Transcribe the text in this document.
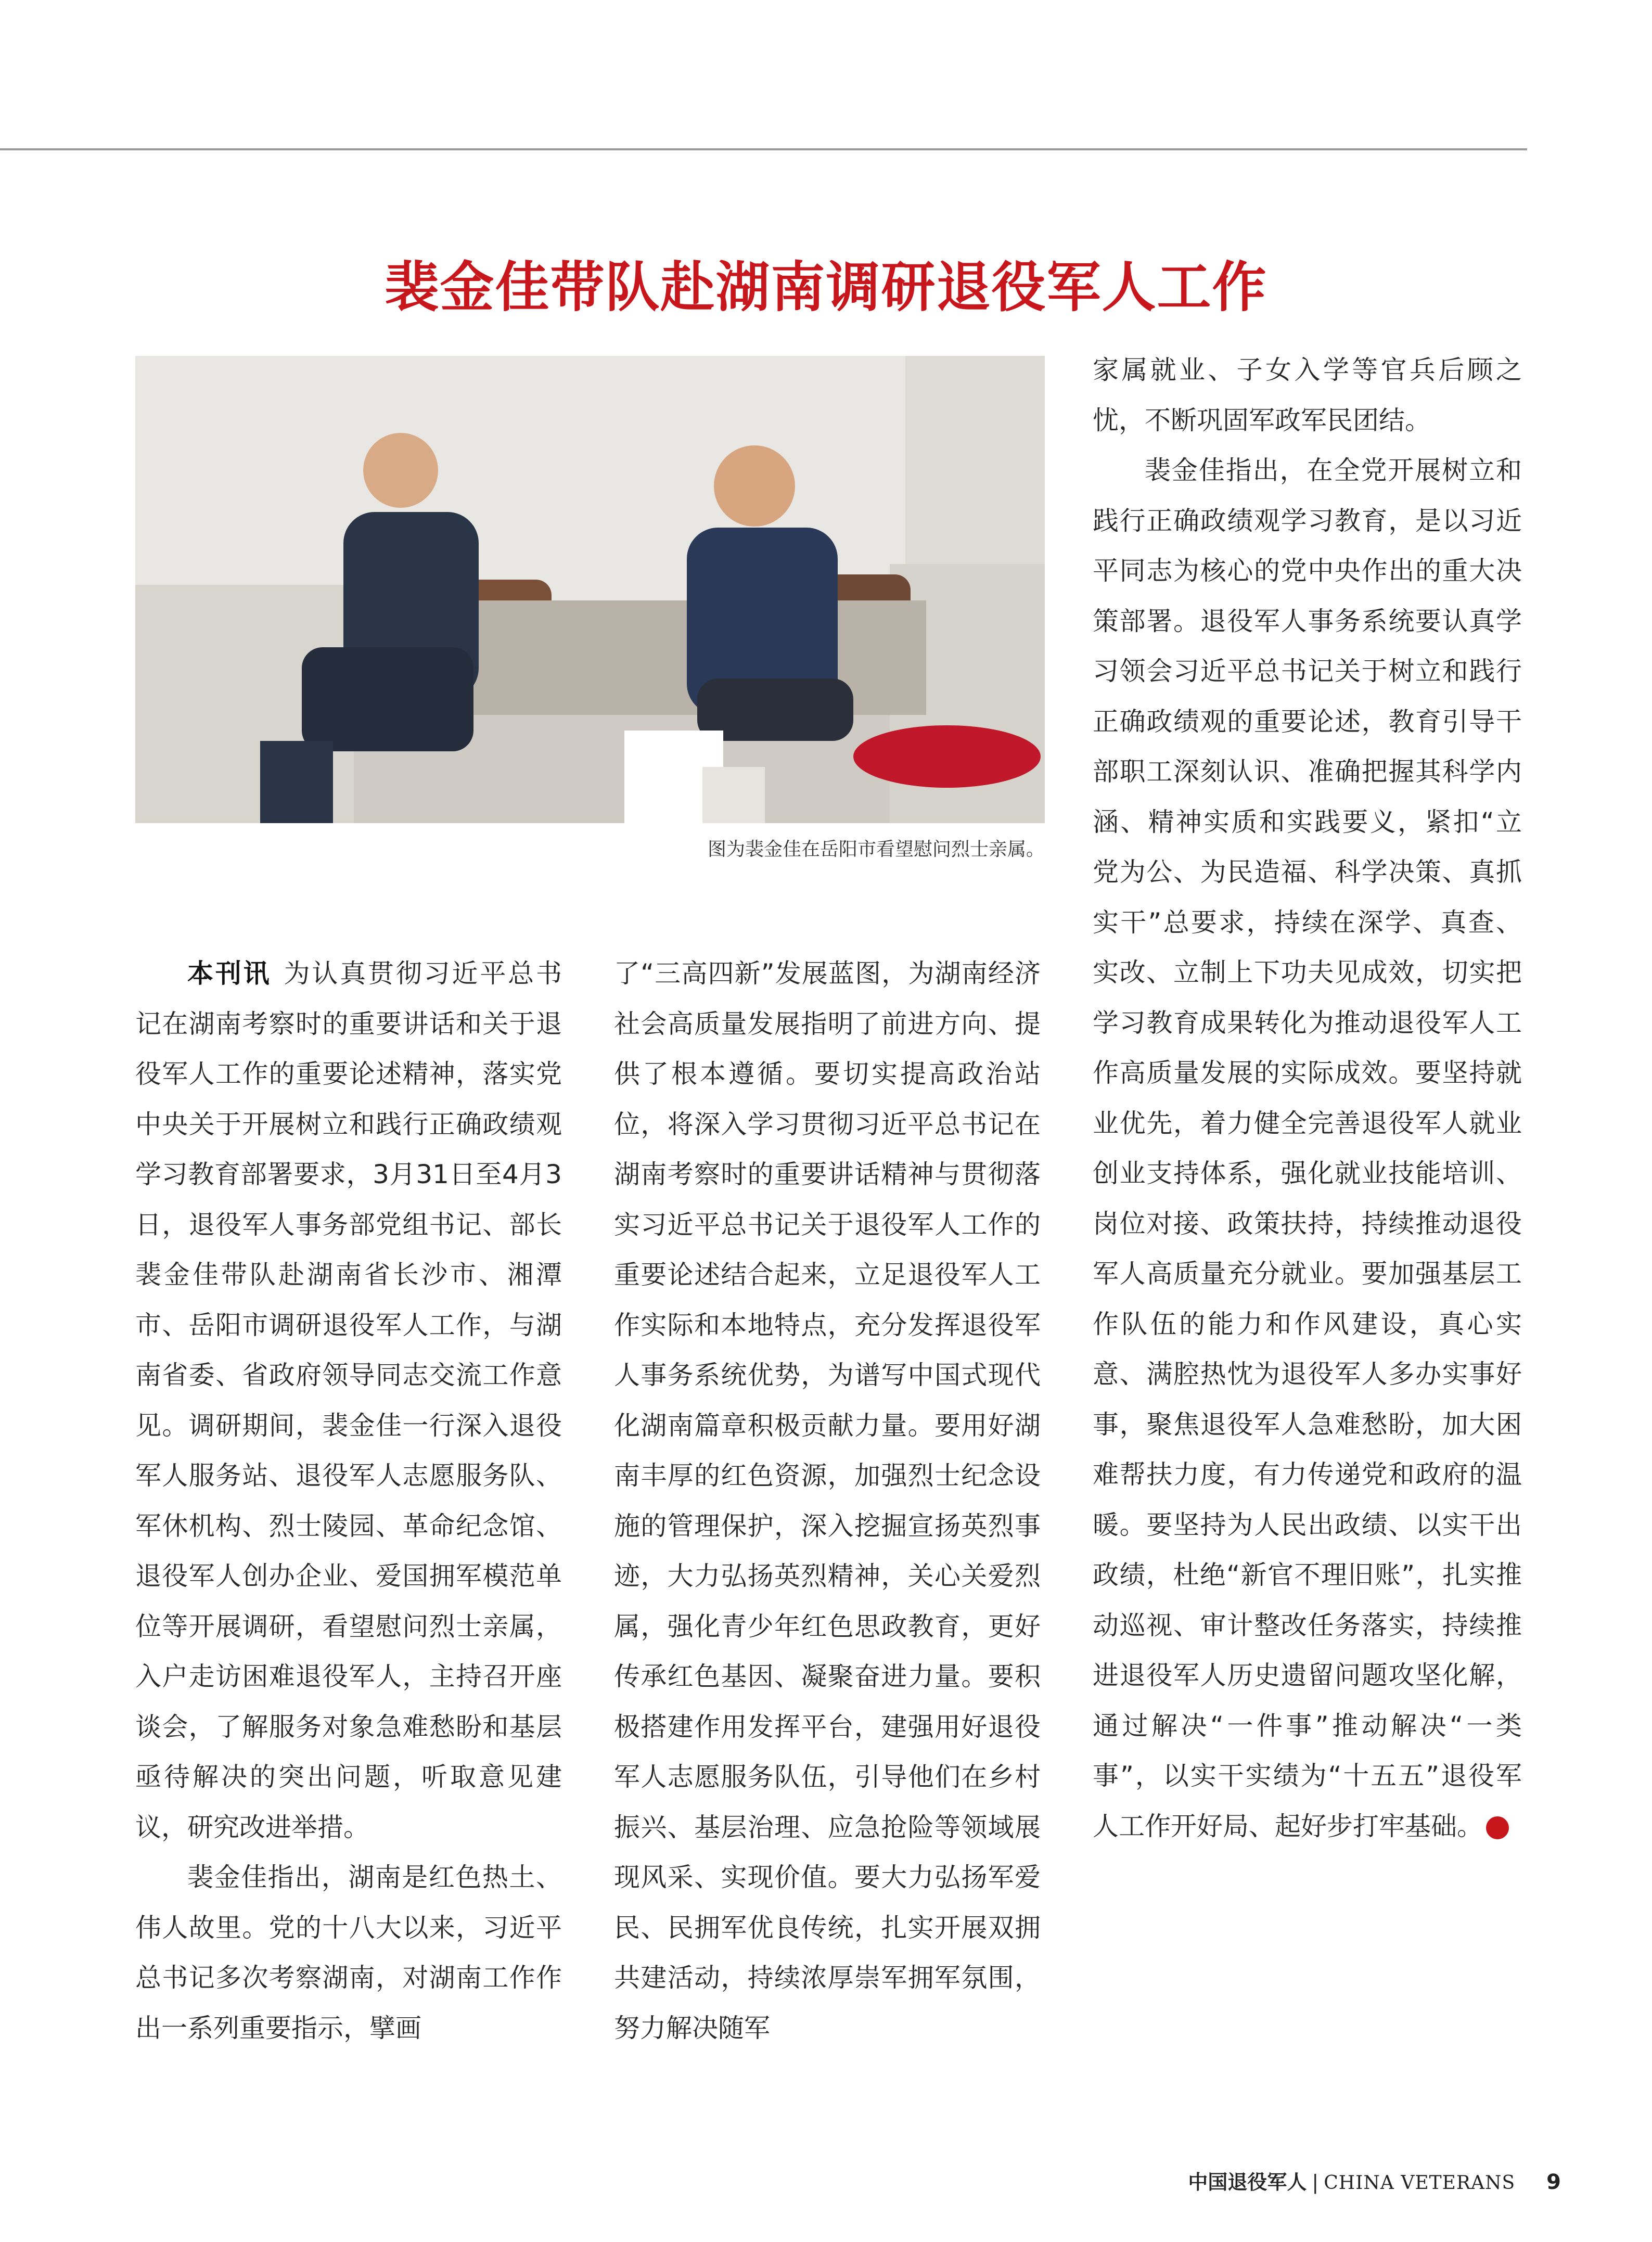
裴金佳带队赴湖南调研退役军人工作
图为裴金佳在岳阳市看望慰问烈士亲属。

本刊讯 为认真贯彻习近平总书记在湖南考察时的重要讲话和关于退役军人工作的重要论述精神，落实党中央关于开展树立和践行正确政绩观学习教育部署要求，3月31日至4月3日，退役军人事务部党组书记、部长裴金佳带队赴湖南省长沙市、湘潭市、岳阳市调研退役军人工作，与湖南省委、省政府领导同志交流工作意见。调研期间，裴金佳一行深入退役军人服务站、退役军人志愿服务队、军休机构、烈士陵园、革命纪念馆、退役军人创办企业、爱国拥军模范单位等开展调研，看望慰问烈士亲属，入户走访困难退役军人，主持召开座谈会，了解服务对象急难愁盼和基层亟待解决的突出问题，听取意见建议，研究改进举措。

裴金佳指出，湖南是红色热土、伟人故里。党的十八大以来，习近平总书记多次考察湖南，对湖南工作作出一系列重要指示，擘画

了“三高四新”发展蓝图，为湖南经济社会高质量发展指明了前进方向、提供了根本遵循。要切实提高政治站位，将深入学习贯彻习近平总书记在湖南考察时的重要讲话精神与贯彻落实习近平总书记关于退役军人工作的重要论述结合起来，立足退役军人工作实际和本地特点，充分发挥退役军人事务系统优势，为谱写中国式现代化湖南篇章积极贡献力量。要用好湖南丰厚的红色资源，加强烈士纪念设施的管理保护，深入挖掘宣扬英烈事迹，大力弘扬英烈精神，关心关爱烈属，强化青少年红色思政教育，更好传承红色基因、凝聚奋进力量。要积极搭建作用发挥平台，建强用好退役军人志愿服务队伍，引导他们在乡村振兴、基层治理、应急抢险等领域展现风采、实现价值。要大力弘扬军爱民、民拥军优良传统，扎实开展双拥共建活动，持续浓厚崇军拥军氛围，努力解决随军

家属就业、子女入学等官兵后顾之忧，不断巩固军政军民团结。

裴金佳指出，在全党开展树立和践行正确政绩观学习教育，是以习近平同志为核心的党中央作出的重大决策部署。退役军人事务系统要认真学习领会习近平总书记关于树立和践行正确政绩观的重要论述，教育引导干部职工深刻认识、准确把握其科学内涵、精神实质和实践要义，紧扣“立党为公、为民造福、科学决策、真抓实干”总要求，持续在深学、真查、实改、立制上下功夫见成效，切实把学习教育成果转化为推动退役军人工作高质量发展的实际成效。要坚持就业优先，着力健全完善退役军人就业创业支持体系，强化就业技能培训、岗位对接、政策扶持，持续推动退役军人高质量充分就业。要加强基层工作队伍的能力和作风建设，真心实意、满腔热忱为退役军人多办实事好事，聚焦退役军人急难愁盼，加大困难帮扶力度，有力传递党和政府的温暖。要坚持为人民出政绩、以实干出政绩，杜绝“新官不理旧账”，扎实推动巡视、审计整改任务落实，持续推进退役军人历史遗留问题攻坚化解，通过解决“一件事”推动解决“一类事”，以实干实绩为“十五五”退役军人工作开好局、起好步打牢基础。	V

中国退役军人 | CHINA VETERANS 9
